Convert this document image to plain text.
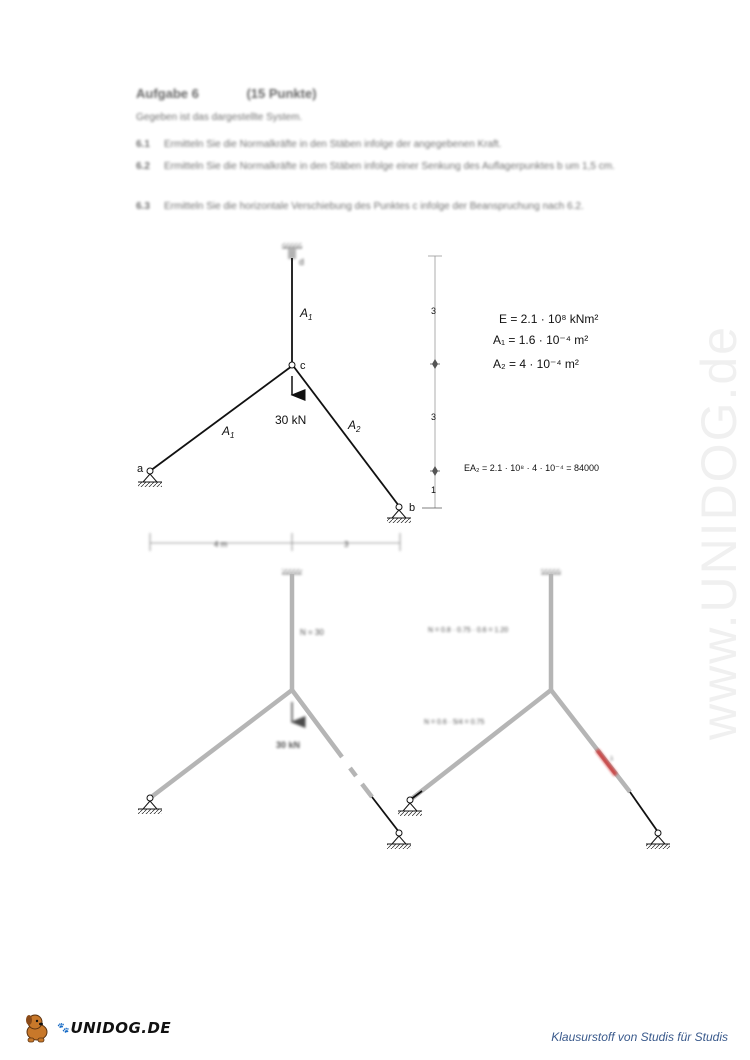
www.UNIDOG.de
Aufgabe 6	(15 Punkte)
Gegeben ist das dargestellte System.
6.1 Ermitteln Sie die Normalkräfte in den Stäben infolge der angegebenen Kraft.
6.2 Ermitteln Sie die Normalkräfte in den Stäben infolge einer Senkung des Auflagerpunktes b um 1,5 cm.
6.3 Ermitteln Sie die horizontale Verschiebung des Punktes c infolge der Beanspruchung nach 6.2.
d
c
$A_1$
$A_1$
$A_2$
30 kN
a
b
3
3
1
4 m	3
E = 2.1 · 10⁸ kNm²
A₁ = 1.6 · 10⁻⁴ m²
A₂ = 4 · 10⁻⁴ m²
EA₂ = 2.1 · 10⁸ · 4 · 10⁻⁴ = 84000
N = 30
30 kN
N = 0.8 · 0.75 · 0.6 = 1.20
N = 0.6 · 5/4 = 0.75
1
🐾 UNIDOG.DE	Klausurstoff von Studis für Studis
